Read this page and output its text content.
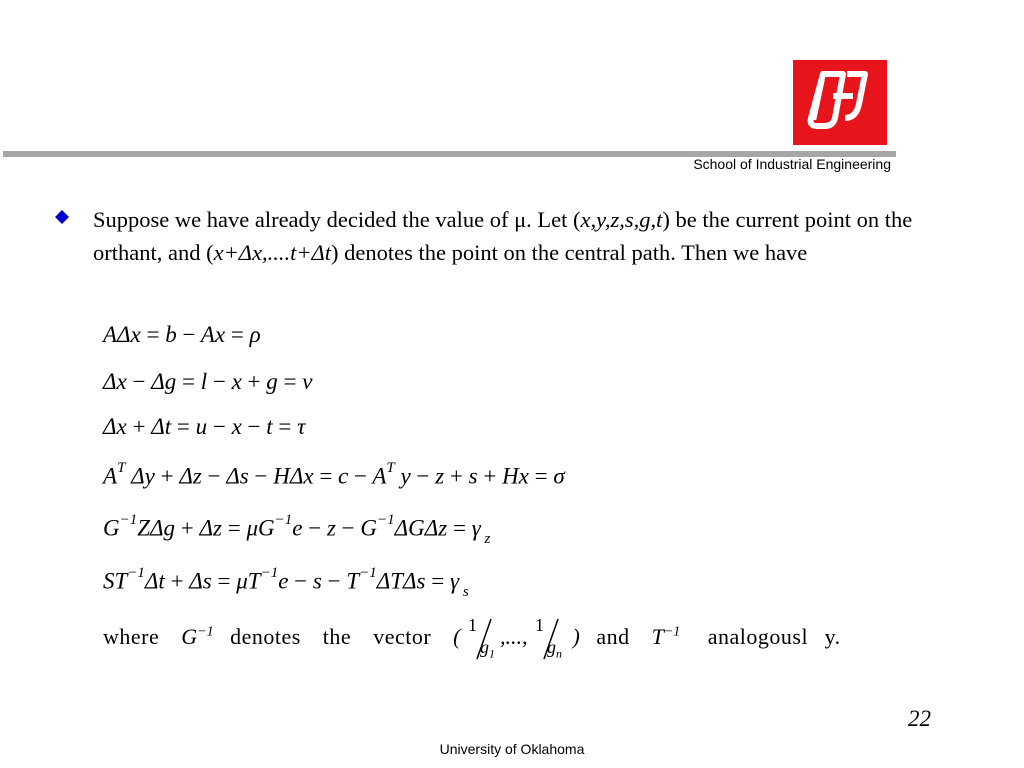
School of Industrial Engineering
Suppose we have already decided the value of μ. Let (x,y,z,s,g,t) be the current point on the orthant, and (x+Δx,....t+Δt) denotes the point on the central path. Then we have
AΔx = b − Ax = ρ
Δx − Δg = l − x + g = v
Δx + Δt = u − x − t = τ
$A^T$ $\Delta y + \Delta z - \Delta s - H\Delta x = c - A^T$ y − z + s + Hx = σ
$G^{-1}Z\Delta g + \Delta z = \mu G^{-1}e - z - G^{-1}\Delta G\Delta z = \gamma$ $_z$
$ST^{-1}\Delta t + \Delta s = \mu T^{-1}e - s - T^{-1}\Delta T\Delta s = \gamma$ $_s$
where $G^{-1}$ denotes the vector ( 1
$g_1$
,..., 1
$g_n$
) and $T^{-1}$ analogousl y.
22
University of Oklahoma
